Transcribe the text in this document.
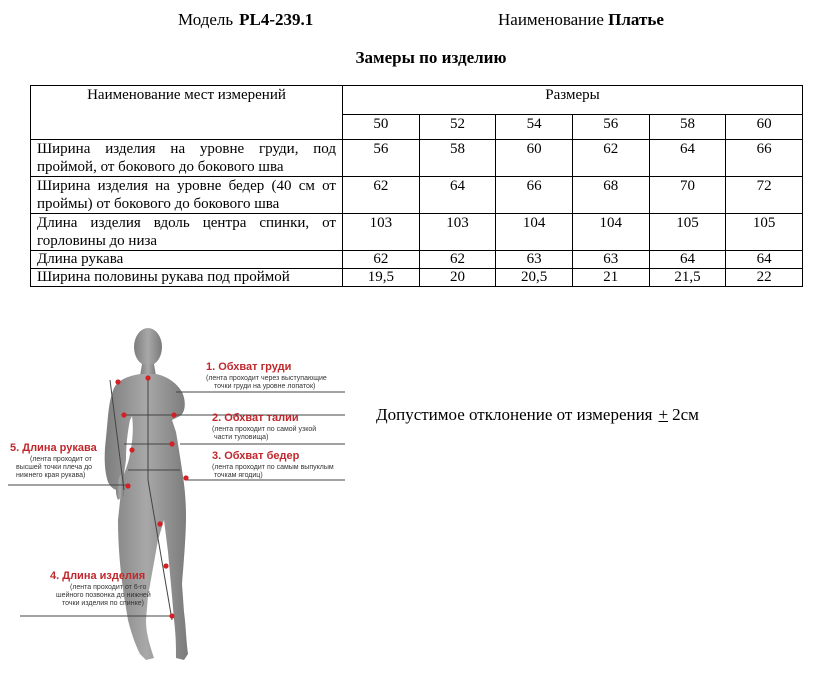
Модель PL4-239.1	Наименование Платье
Замеры по изделию
Наименование мест измерений	Размеры					
	50	52	54	56	58	60
Ширина изделия на уровне груди, под проймой, от бокового до бокового шва	56	58	60	62	64	66
Ширина изделия на уровне бедер (40 см от проймы) от бокового до бокового шва	62	64	66	68	70	72
Длина изделия вдоль центра спинки, от горловины до низа	103	103	104	104	105	105
Длина рукава	62	62	63	63	64	64
Ширина половины рукава под проймой	19,5	20	20,5	21	21,5	22
1. Обхват груди
(лента проходит через выступающие
точки груди на уровне лопаток)
2. Обхват талии
(лента проходит по самой узкой
части туловища)
3. Обхват бедер
(лента проходит по самым выпуклым
точкам ягодиц)
5. Длина рукава
(лента проходит от
высшей точки плеча до
нижнего края рукава)
4. Длина изделия
(лента проходит от 6-го
шейного позвонка до нижней
точки изделия по спинке)
Допустимое отклонение от измерения + 2см
